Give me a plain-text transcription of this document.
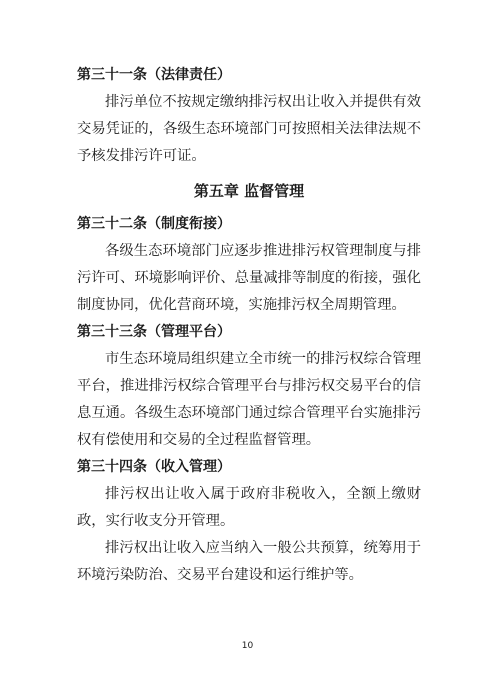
第三十一条（法律责任）

排污单位不按规定缴纳排污权出让收入并提供有效交易凭证的，各级生态环境部门可按照相关法律法规不予核发排污许可证。

第五章 监督管理

第三十二条（制度衔接）

各级生态环境部门应逐步推进排污权管理制度与排污许可、环境影响评价、总量减排等制度的衔接，强化制度协同，优化营商环境，实施排污权全周期管理。

第三十三条（管理平台）

市生态环境局组织建立全市统一的排污权综合管理平台，推进排污权综合管理平台与排污权交易平台的信息互通。各级生态环境部门通过综合管理平台实施排污权有偿使用和交易的全过程监督管理。

第三十四条（收入管理）

排污权出让收入属于政府非税收入，全额上缴财政，实行收支分开管理。

排污权出让收入应当纳入一般公共预算，统筹用于环境污染防治、交易平台建设和运行维护等。

10
